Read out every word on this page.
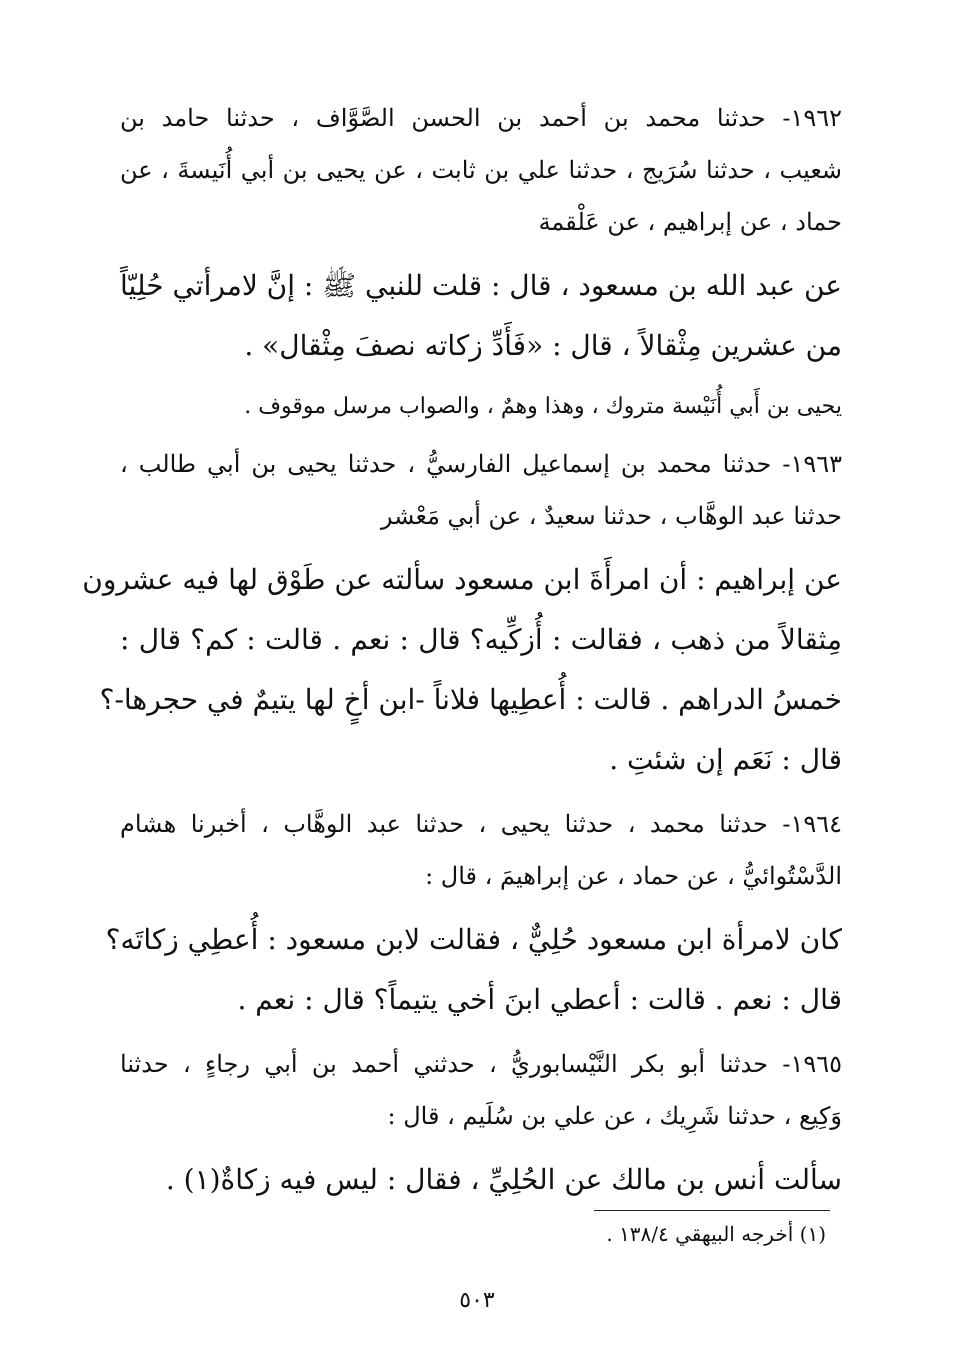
١٩٦٢- حدثنا محمد بن أحمد بن الحسن الصَّوَّاف ، حدثنا حامد بن
شعيب ، حدثنا سُرَيج ، حدثنا علي بن ثابت ، عن يحيى بن أبي أُنَيسةَ ، عن
حماد ، عن إبراهيم ، عن عَلْقمة
عن عبد الله بن مسعود ، قال : قلت للنبي ﷺ : إنَّ لامرأتي حُلِيّاً
من عشرين مِثْقالاً ، قال : «فَأَدِّ زكاته نصفَ مِثْقال» .
يحيى بن أَبي أُنَيْسة متروك ، وهذا وهمٌ ، والصواب مرسل موقوف .
١٩٦٣- حدثنا محمد بن إسماعيل الفارسيُّ ، حدثنا يحيى بن أبي طالب ،
حدثنا عبد الوهَّاب ، حدثنا سعيدٌ ، عن أبي مَعْشر
عن إبراهيم : أن امرأَةَ ابن مسعود سألته عن طَوْق لها فيه عشرون
مِثقالاً من ذهب ، فقالت : أُزكِّيه؟ قال : نعم . قالت : كم؟ قال :
خمسُ الدراهم . قالت : أُعطِيها فلاناً -ابن أخٍ لها يتيمٌ في حجرها-؟
قال : نَعَم إن شئتِ .
١٩٦٤- حدثنا محمد ، حدثنا يحيى ، حدثنا عبد الوهَّاب ، أخبرنا هشام
الدَّسْتُوائيُّ ، عن حماد ، عن إبراهيمَ ، قال :
كان لامرأة ابن مسعود حُلِيٌّ ، فقالت لابن مسعود : أُعطِي زكاتَه؟
قال : نعم . قالت : أعطي ابنَ أخي يتيماً؟ قال : نعم .
١٩٦٥- حدثنا أبو بكر النَّيْسابوريُّ ، حدثني أحمد بن أبي رجاءٍ ، حدثنا
وَكِيع ، حدثنا شَرِيك ، عن علي بن سُلَيم ، قال :
سألت أنس بن مالك عن الحُلِيِّ ، فقال : ليس فيه زكاةٌ(١) .
(١) أخرجه البيهقي ١٣٨/٤ .
٥٠٣
